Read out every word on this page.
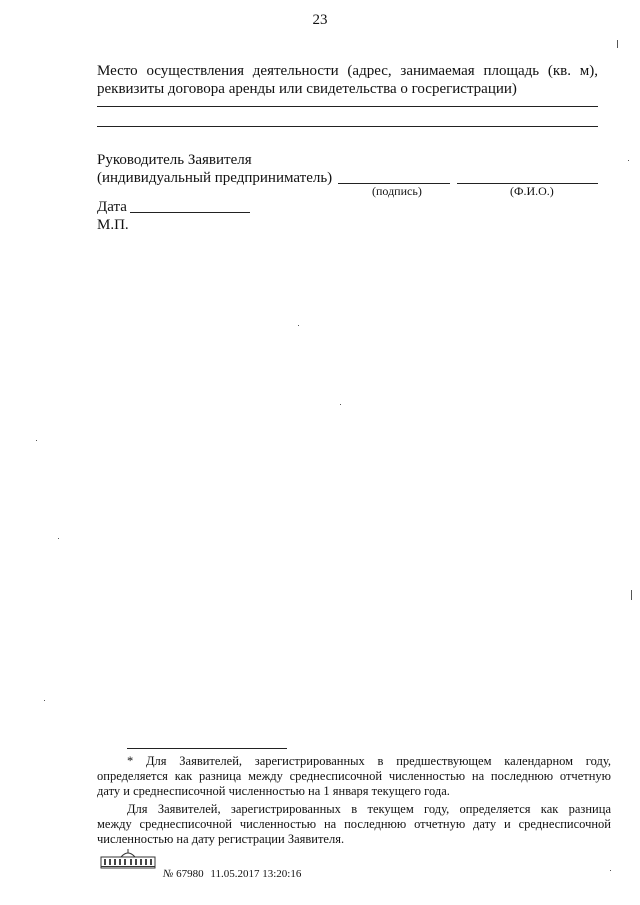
23
Место осуществления деятельности (адрес, занимаемая площадь (кв. м),
реквизиты договора аренды или свидетельства о госрегистрации)
Руководитель Заявителя
(индивидуальный предприниматель)
(подпись)	(Ф.И.О.)
Дата
М.П.
* Для Заявителей, зарегистрированных в предшествующем календарном году,
определяется как разница между среднесписочной численностью на последнюю отчетную
дату и среднесписочной численностью на 1 января текущего года.
Для Заявителей, зарегистрированных в текущем году, определяется как разница
между среднесписочной численностью на последнюю отчетную дату и среднесписочной
численностью на дату регистрации Заявителя.
№ 67980 11.05.2017 13:20:16
